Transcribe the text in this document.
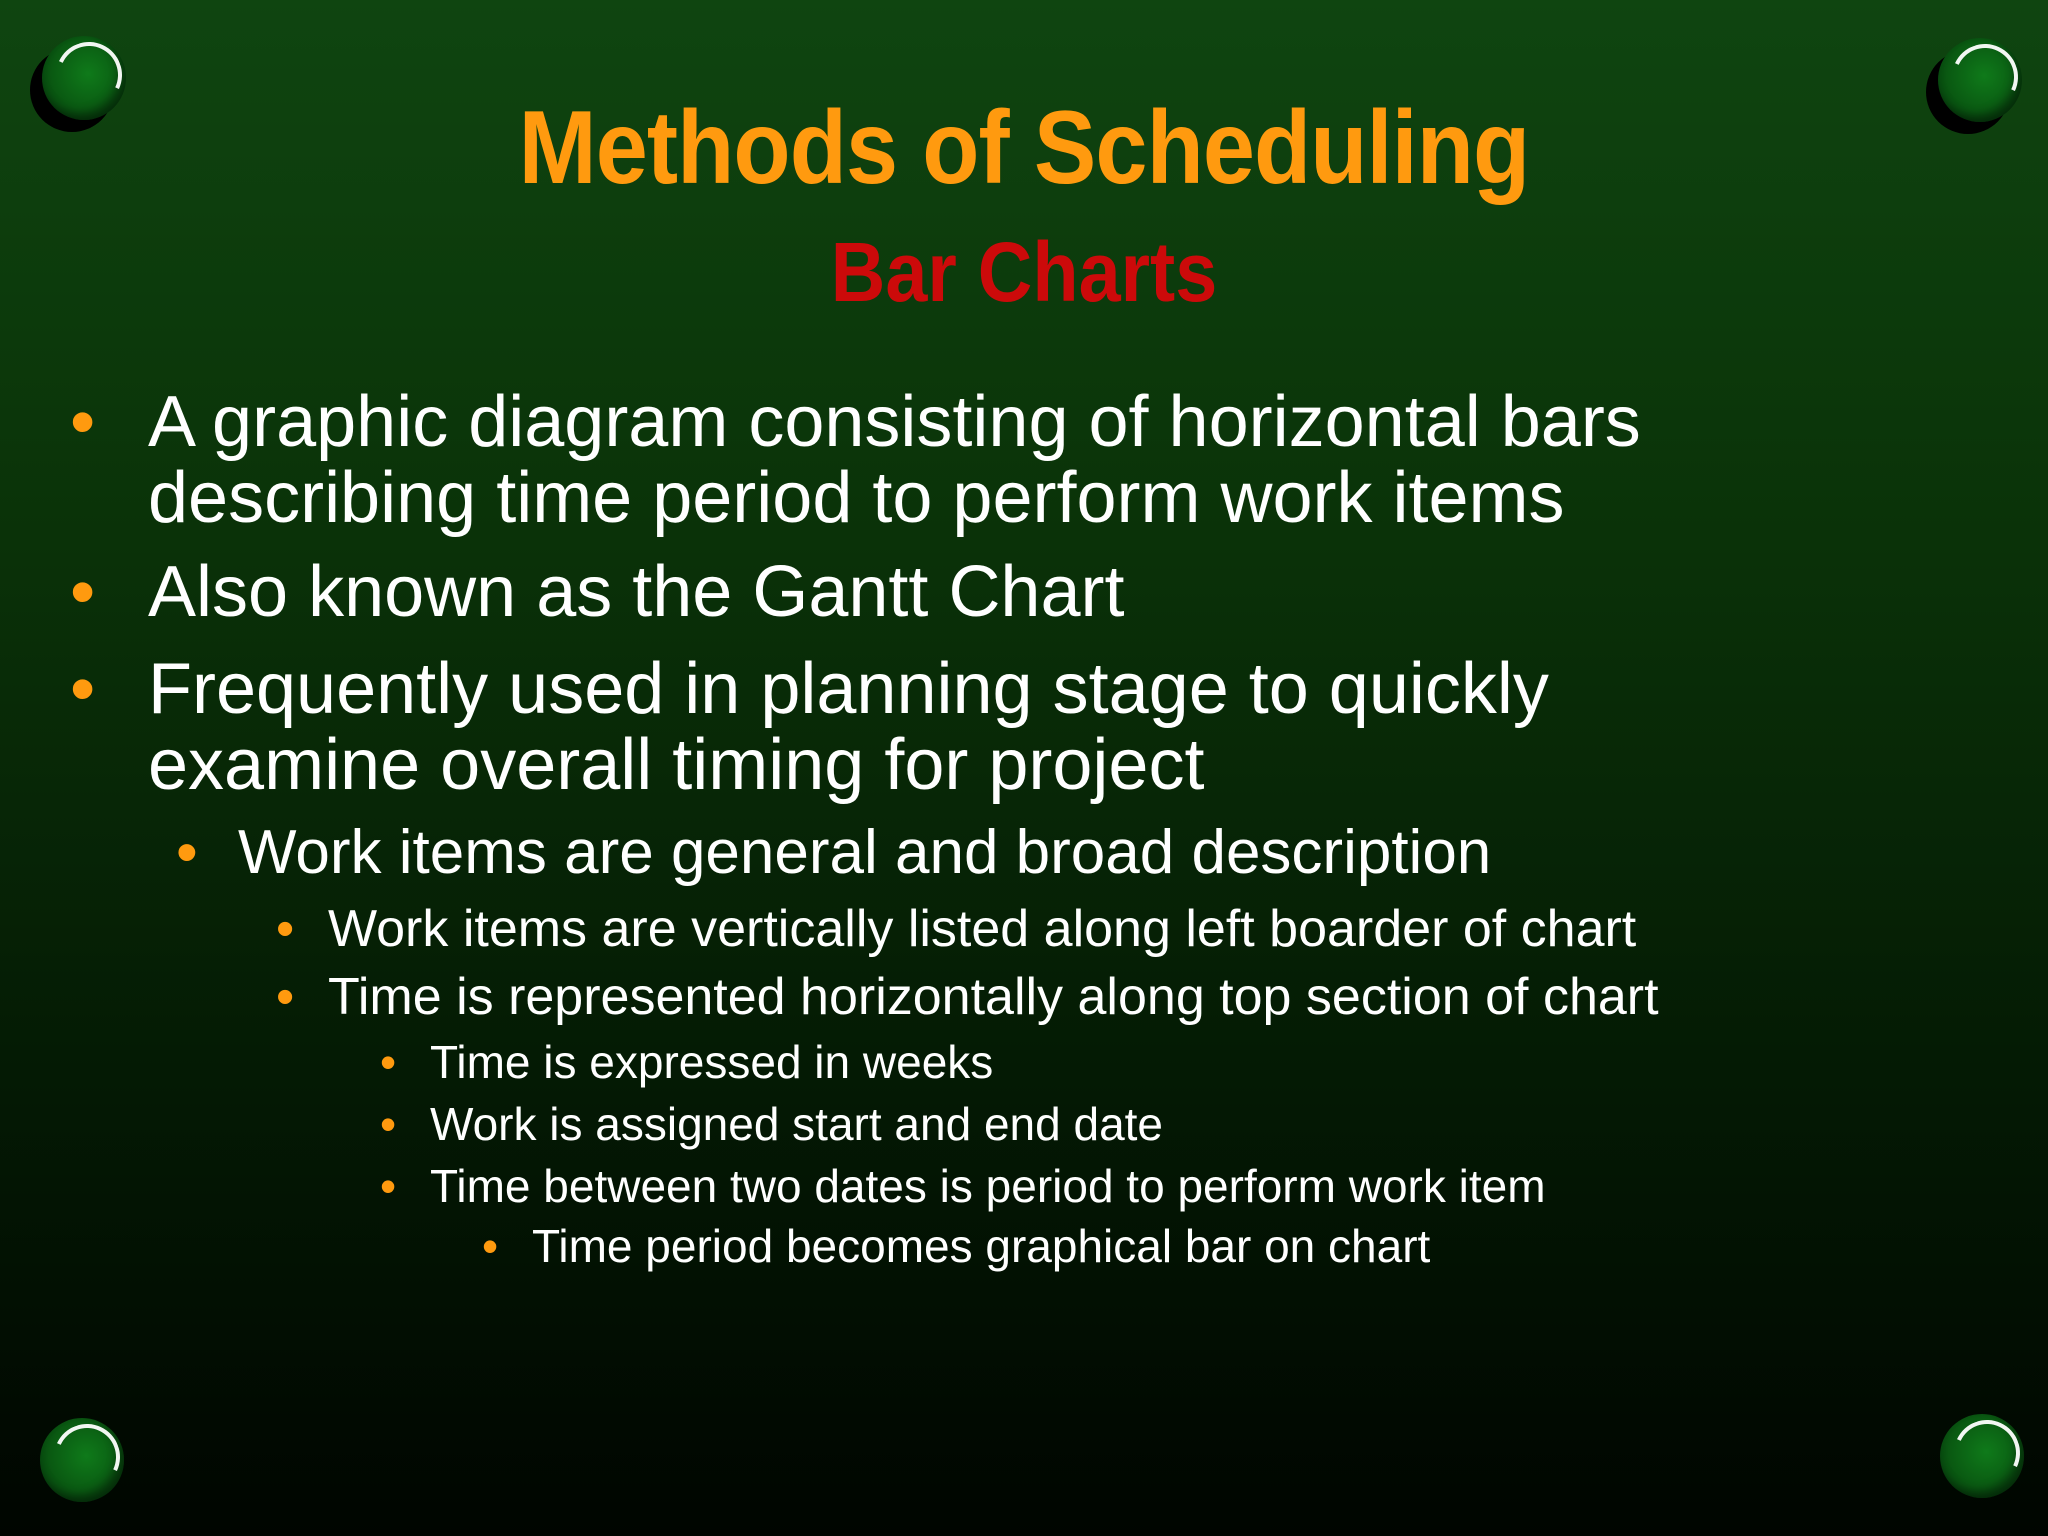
Methods of Scheduling
Bar Charts
• A graphic diagram consisting of horizontal bars
describing time period to perform work items
• Also known as the Gantt Chart
• Frequently used in planning stage to quickly
examine overall timing for project
• Work items are general and broad description
• Work items are vertically listed along left boarder of chart
• Time is represented horizontally along top section of chart
• Time is expressed in weeks
• Work is assigned start and end date
• Time between two dates is period to perform work item
• Time period becomes graphical bar on chart
